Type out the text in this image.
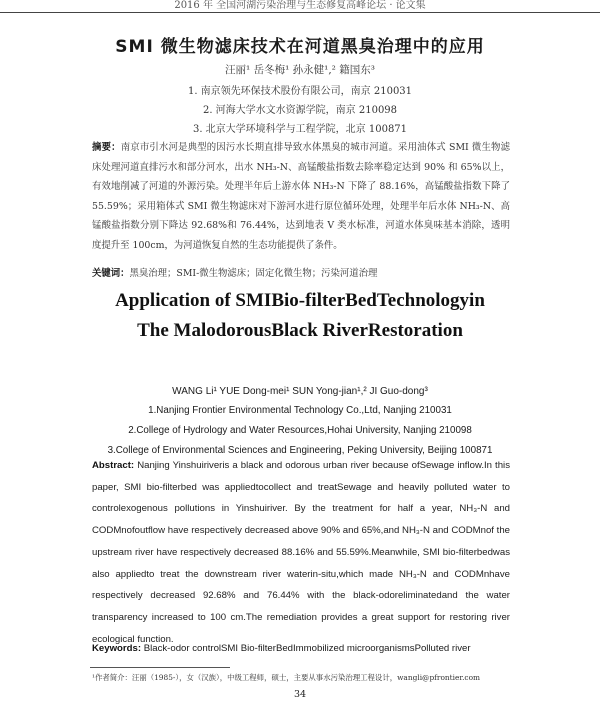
2016 年 全国河湖污染治理与生态修复高峰论坛 · 论文集
SMI 微生物滤床技术在河道黑臭治理中的应用
汪丽¹ 岳冬梅¹ 孙永健¹,² 籍国东³
1. 南京领先环保技术股份有限公司，南京 210031
2. 河海大学水文水资源学院，南京 210098
3. 北京大学环境科学与工程学院，北京 100871
摘要：南京市引水河是典型的因污水长期直排导致水体黑臭的城市河道。采用油体式 SMI 微生物滤床处理河道直排污水和部分河水，出水 NH₃-N、高锰酸盐指数去除率稳定达到 90% 和 65%以上，有效地削减了河道的外源污染。处理半年后上游水体 NH₃-N 下降了 88.16%，高锰酸盐指数下降了 55.59%；采用箱体式 SMI 微生物滤床对下游河水进行原位循环处理，处理半年后水体 NH₃-N、高锰酸盐指数分别下降达 92.68%和 76.44%，达到地表 V 类水标准，河道水体臭味基本消除，透明度提升至 100cm，为河道恢复自然的生态功能提供了条件。
关键词：黑臭治理；SMI-微生物滤床；固定化微生物；污染河道治理
Application of SMIBio-filterBedTechnologyin
The MalodorousBlack RiverRestoration
WANG Li¹ YUE Dong-mei¹ SUN Yong-jian¹,² JI Guo-dong³
1.Nanjing Frontier Environmental Technology Co.,Ltd, Nanjing 210031
2.College of Hydrology and Water Resources,Hohai University, Nanjing 210098
3.College of Environmental Sciences and Engineering, Peking University, Beijing 100871
Abstract: Nanjing Yinshuiriveris a black and odorous urban river because ofSewage inflow.In this paper, SMI bio-filterbed was appliedtocollect and treatSewage and heavily polluted water to controlexogenous pollutions in Yinshuiriver. By the treatment for half a year, NH₃-N and CODMnofoutflow have respectively decreased above 90% and 65%,and NH₃-N and CODMnof the upstream river have respectively decreased 88.16% and 55.59%.Meanwhile, SMI bio-filterbedwas also appliedto treat the downstream river waterin-situ,which made NH₃-N and CODMnhave respectively decreased 92.68% and 76.44% with the black-odoreliminatedand the water transparency increased to 100 cm.The remediation provides a great support for restoring river ecological function.
Keywords: Black-odor controlSMI Bio-filterBedImmobilized microorganismsPolluted river
¹作者简介：汪丽（1985-），女（汉族），中级工程师，硕士，主要从事水污染治理工程设计，wangli@pfrontier.com
34
